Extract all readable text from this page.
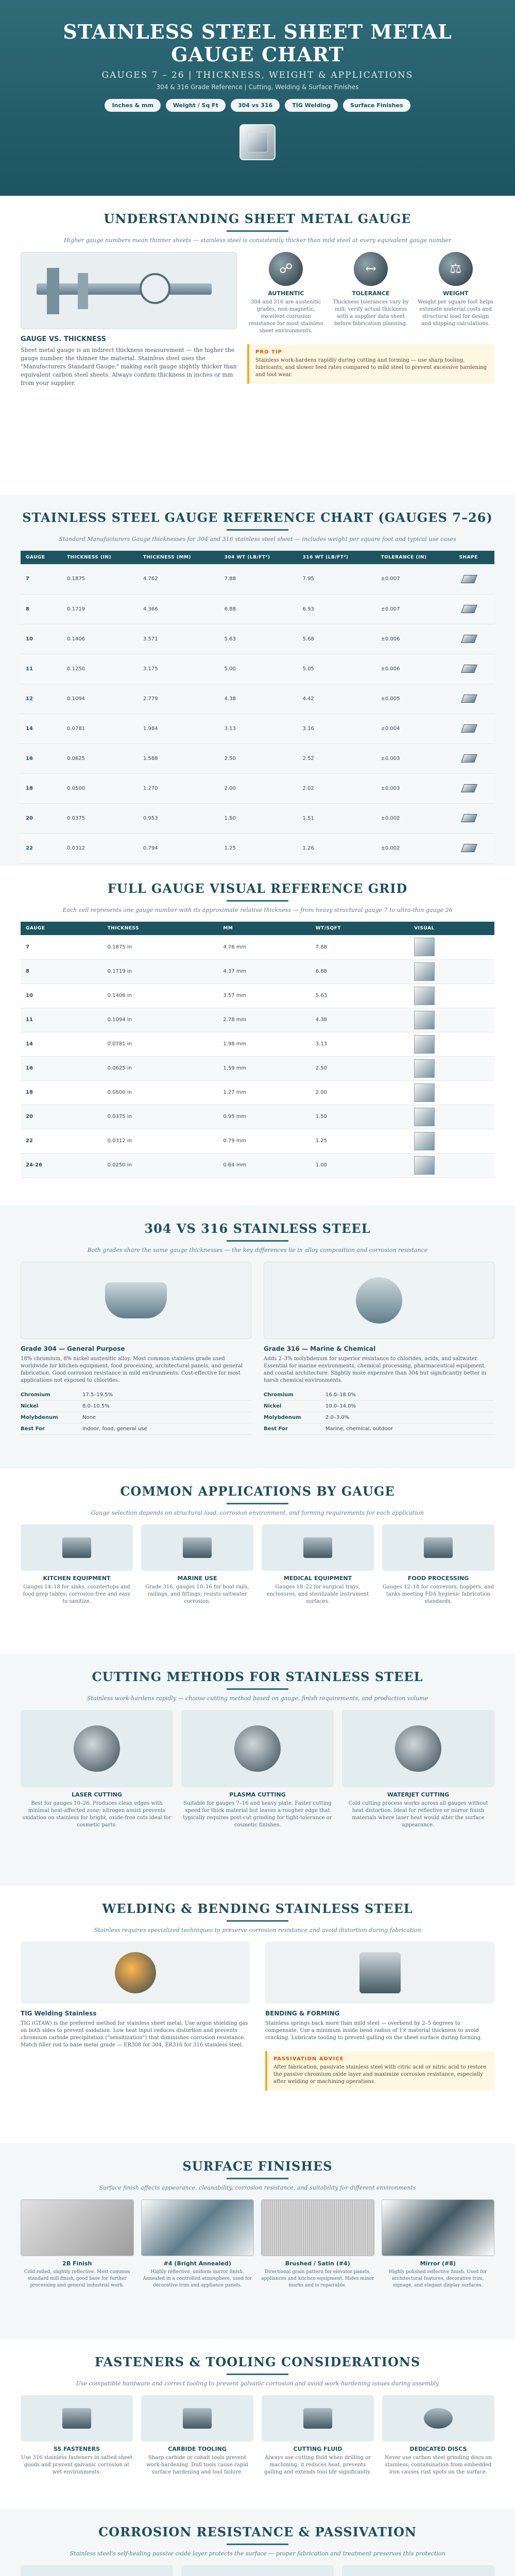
STAINLESS STEEL SHEET METAL
GAUGE CHART
GAUGES 7 – 26 | THICKNESS, WEIGHT & APPLICATIONS
304 & 316 Grade Reference | Cutting, Welding & Surface Finishes
Inches & mm	Weight / Sq Ft	304 vs 316	TIG Welding	Surface Finishes
UNDERSTANDING SHEET METAL GAUGE
Higher gauge numbers mean thinner sheets — stainless steel is consistently thicker than mild steel at every equivalent gauge number
GAUGE VS. THICKNESS
Sheet metal gauge is an indirect thickness measurement — the higher the gauge number, the thinner the material. Stainless steel uses the "Manufacturers Standard Gauge," making each gauge slightly thicker than equivalent carbon steel sheets. Always confirm thickness in inches or mm from your supplier.
☍
AUTHENTIC
304 and 316 are austenitic grades, non-magnetic, excellent corrosion resistance for most stainless sheet environments.
↔
TOLERANCE
Thickness tolerances vary by mill; verify actual thickness with a supplier data sheet before fabrication planning.
⚖
WEIGHT
Weight per square foot helps estimate material costs and structural load for design and shipping calculations.
PRO TIP
Stainless work-hardens rapidly during cutting and forming — use sharp tooling, lubricants, and slower feed rates compared to mild steel to prevent excessive hardening and tool wear.
STAINLESS STEEL GAUGE REFERENCE CHART (GAUGES 7–26)
Standard Manufacturers Gauge thicknesses for 304 and 316 stainless steel sheet — includes weight per square foot and typical use cases
GAUGE	THICKNESS (IN)	THICKNESS (MM)	304 WT (LB/FT²)	316 WT (LB/FT²)	TOLERANCE (IN)	SHAPE
7	0.1875	4.762	7.88	7.95	±0.007	

8	0.1719	4.366	6.88	6.93	±0.007	

10	0.1406	3.571	5.63	5.68	±0.006	

11	0.1250	3.175	5.00	5.05	±0.006	

12	0.1094	2.779	4.38	4.42	±0.005	

14	0.0781	1.984	3.13	3.16	±0.004	

16	0.0625	1.588	2.50	2.52	±0.003	

18	0.0500	1.270	2.00	2.02	±0.003	

20	0.0375	0.953	1.50	1.51	±0.002	

22	0.0312	0.794	1.25	1.26	±0.002	
FULL GAUGE VISUAL REFERENCE GRID
Each cell represents one gauge number with its approximate relative thickness — from heavy structural gauge 7 to ultra-thin gauge 26
GAUGE	THICKNESS	MM	WT/SQFT	VISUAL
7	0.1875 in	4.76 mm	7.88	

8	0.1719 in	4.37 mm	6.88	

10	0.1406 in	3.57 mm	5.63	

11	0.1094 in	2.78 mm	4.38	

14	0.0781 in	1.98 mm	3.13	

16	0.0625 in	1.59 mm	2.50	

18	0.0500 in	1.27 mm	2.00	

20	0.0375 in	0.95 mm	1.50	

22	0.0312 in	0.79 mm	1.25	

24-26	0.0250 in	0.64 mm	1.00	
304 VS 316 STAINLESS STEEL
Both grades share the same gauge thicknesses — the key differences lie in alloy composition and corrosion resistance
Grade 304 — General Purpose

18% chromium, 8% nickel austenitic alloy. Most common stainless grade used worldwide for kitchen equipment, food processing, architectural panels, and general fabrication. Good corrosion resistance in mild environments. Cost-effective for most applications not exposed to chlorides.

Chromium	17.5–19.5%
Nickel	8.0–10.5%
Molybdenum	None
Best For	Indoor, food, general use
Grade 316 — Marine & Chemical

Adds 2–3% molybdenum for superior resistance to chlorides, acids, and saltwater. Essential for marine environments, chemical processing, pharmaceutical equipment, and coastal architecture. Slightly more expensive than 304 but significantly better in harsh chemical environments.

Chromium	16.0–18.0%
Nickel	10.0–14.0%
Molybdenum	2.0–3.0%
Best For	Marine, chemical, outdoor
COMMON APPLICATIONS BY GAUGE
Gauge selection depends on structural load, corrosion environment, and forming requirements for each application
KITCHEN EQUIPMENT
Gauges 14–18 for sinks, countertops and food prep tables; corrosion-free and easy to sanitize.
MARINE USE
Grade 316, gauges 10–16 for boat rails, railings, and fittings; resists saltwater corrosion.
MEDICAL EQUIPMENT
Gauges 18–22 for surgical trays, enclosures, and sterilizable instrument surfaces.
FOOD PROCESSING
Gauges 12–18 for conveyors, hoppers, and tanks meeting FDA hygienic fabrication standards.
CUTTING METHODS FOR STAINLESS STEEL
Stainless work-hardens rapidly — choose cutting method based on gauge, finish requirements, and production volume
LASER CUTTING
Best for gauges 10–26. Produces clean edges with minimal heat-affected zone; nitrogen assist prevents oxidation on stainless for bright, oxide-free cuts ideal for cosmetic parts.
PLASMA CUTTING
Suitable for gauges 7–16 and heavy plate. Faster cutting speed for thick material but leaves a rougher edge that typically requires post-cut grinding for tight-tolerance or cosmetic finishes.
WATERJET CUTTING
Cold cutting process works across all gauges without heat distortion. Ideal for reflective or mirror finish materials where laser heat would alter the surface appearance.
WELDING & BENDING STAINLESS STEEL
Stainless requires specialized techniques to preserve corrosion resistance and avoid distortion during fabrication
TIG Welding Stainless

TIG (GTAW) is the preferred method for stainless sheet metal. Use argon shielding gas on both sides to prevent oxidation. Low heat input reduces distortion and prevents chromium carbide precipitation ("sensitization") that diminishes corrosion resistance. Match filler rod to base metal grade — ER308 for 304, ER316 for 316 stainless steel.

BENDING & FORMING

Stainless springs back more than mild steel — overbend by 2–5 degrees to compensate. Use a minimum inside bend radius of 1× material thickness to avoid cracking. Lubricate tooling to prevent galling on the sheet surface during forming.

PASSIVATION ADVICE
After fabrication, passivate stainless steel with citric acid or nitric acid to restore the passive chromium oxide layer and maximize corrosion resistance, especially after welding or machining operations.
SURFACE FINISHES
Surface finish affects appearance, cleanability, corrosion resistance, and suitability for different environments
2B Finish
Cold rolled, slightly reflective. Most common standard mill finish, good base for further processing and general industrial work.
#4 (Bright Annealed)
Highly reflective, uniform mirror finish. Annealed in a controlled atmosphere, used for decorative trim and appliance panels.
Brushed / Satin (#4)
Directional grain pattern for elevator panels, appliances and kitchen equipment. Hides minor marks and is repairable.
Mirror (#8)
Highly polished reflective finish. Used for architectural features, decorative trim, signage, and elegant display surfaces.
FASTENERS & TOOLING CONSIDERATIONS
Use compatible hardware and correct tooling to prevent galvanic corrosion and avoid work-hardening issues during assembly
SS FASTENERS
Use 316 stainless fasteners in salted sheet goods and prevent galvanic corrosion at wet environments.
CARBIDE TOOLING
Sharp carbide or cobalt tools prevent work-hardening. Dull tools cause rapid surface hardening and tool failure.
CUTTING FLUID
Always use cutting fluid when drilling or machining; it reduces heat, prevents galling and extends tool life significantly.
DEDICATED DISCS
Never use carbon steel grinding discs on stainless; contamination from embedded iron causes rust spots on the surface.
CORROSION RESISTANCE & PASSIVATION
Stainless steel's self-healing passive oxide layer protects the surface — proper fabrication and treatment preserves this protection
